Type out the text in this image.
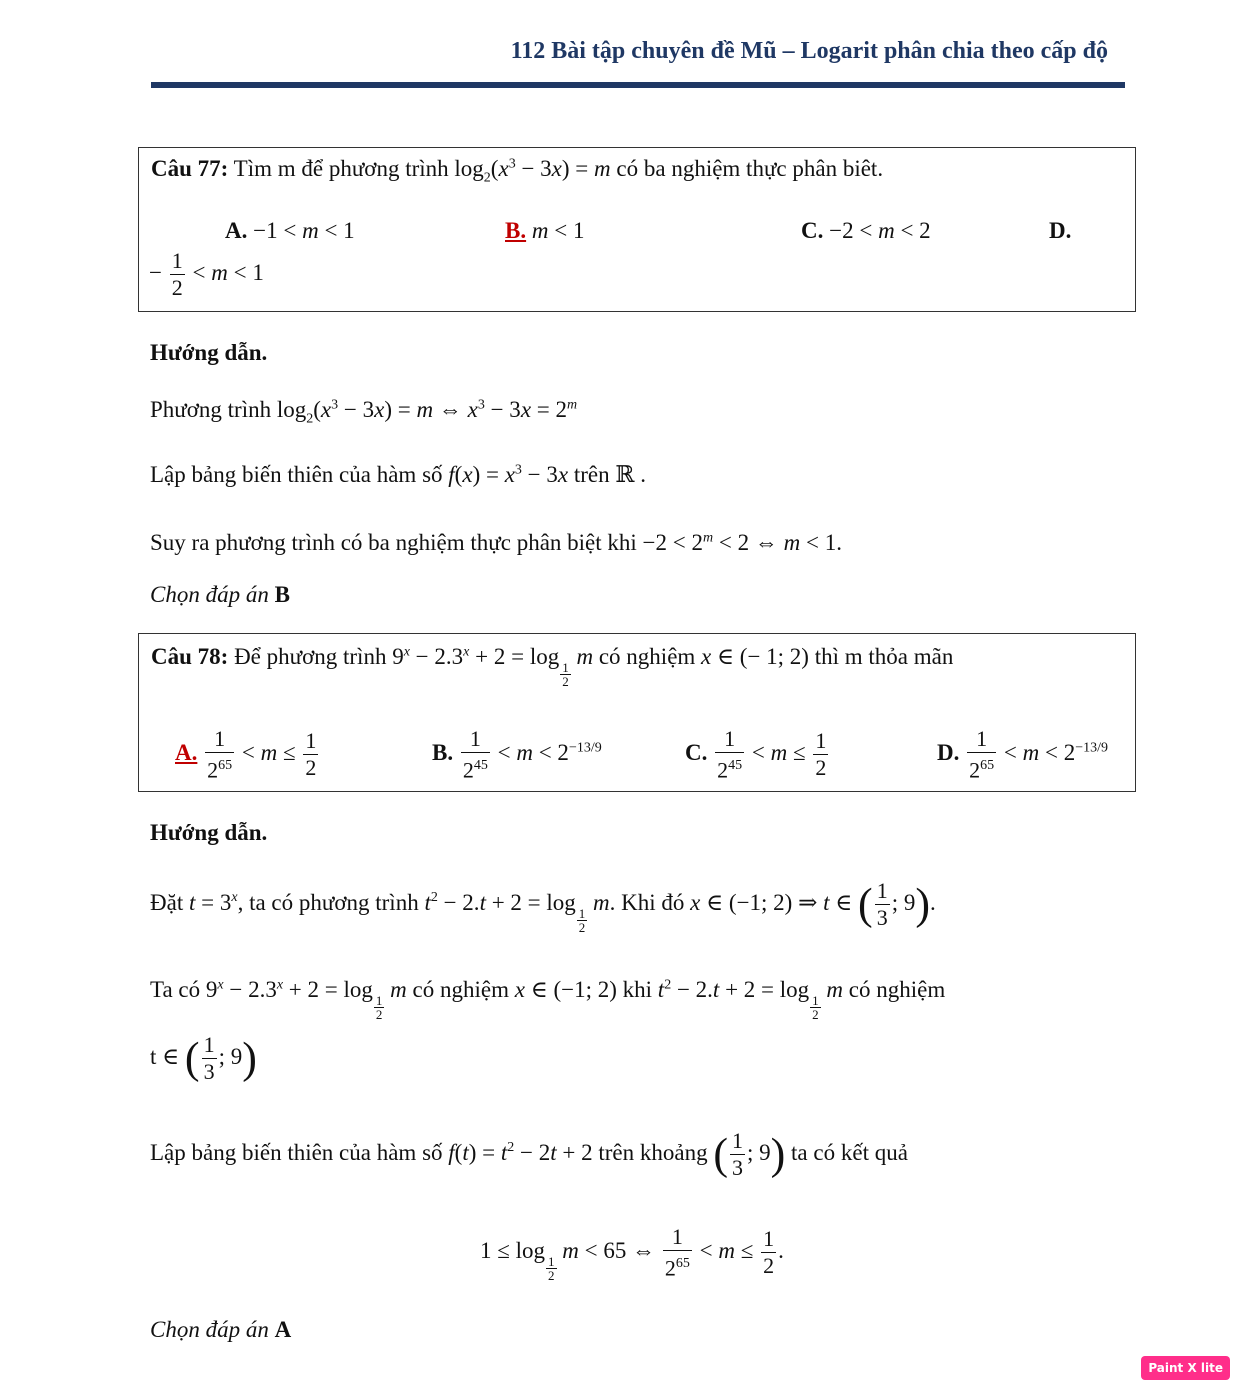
112 Bài tập chuyên đề Mũ – Logarit phân chia theo cấp độ
Câu 77: Tìm m để phương trình $\log_2(x^3 - 3x) = m$ có ba nghiệm thực phân biêt.
A. −1 < m < 1	B. m < 1	C. −2 < m < 2	D.
− $\frac{1}{2} < m < 1$
Hướng dẫn.
Phương trình $\log_2(x^3 - 3x) = m$ ⇔ $x^3 - 3x = 2^m$
Lập bảng biến thiên của hàm số $f(x) = x^3 - 3x$ trên ℝ .
Suy ra phương trình có ba nghiệm thực phân biệt khi $-2 < 2^m < 2$ ⇔ m < 1.
Chọn đáp án B
Câu 78: Để phương trình $9^x - 2.3^x + 2 = \log$
$\frac{1}{2}$
m có nghiệm x ∈ (− 1; 2) thì m thỏa mãn
A. $\frac{1}{2^{65}} < m \le \frac{1}{2}$	B. $\frac{1}{2^{45}} < m < 2^{-13/9}$	C. $\frac{1}{2^{45}} < m \le \frac{1}{2}$	D. $\frac{1}{2^{65}} < m < 2^{-13/9}$
Hướng dẫn.
Đặt $t = 3^x$, ta có phương trình $t^2 - 2.t + 2 = \log$
$\frac{1}{2}$
m. Khi đó x ∈ (−1; 2) ⇒ t ∈ ( $\frac{1}{3}$ ; 9).
Ta có $9^x - 2.3^x + 2 = \log$
$\frac{1}{2}$
m có nghiệm x ∈ (−1; 2) khi $t^2 - 2.t + 2 = \log$
$\frac{1}{2}$
m có nghiệm
t ∈ ( $\frac{1}{3}$ ; 9)
Lập bảng biến thiên của hàm số $f(t) = t^2 - 2t + 2$ trên khoảng ( $\frac{1}{3}$ ; 9) ta có kết quả
1 ≤ log
$\frac{1}{2}$
m < 65 ⇔ $\frac{1}{2^{65}} < m \le \frac{1}{2}$ .
Chọn đáp án A
Paint X lite
